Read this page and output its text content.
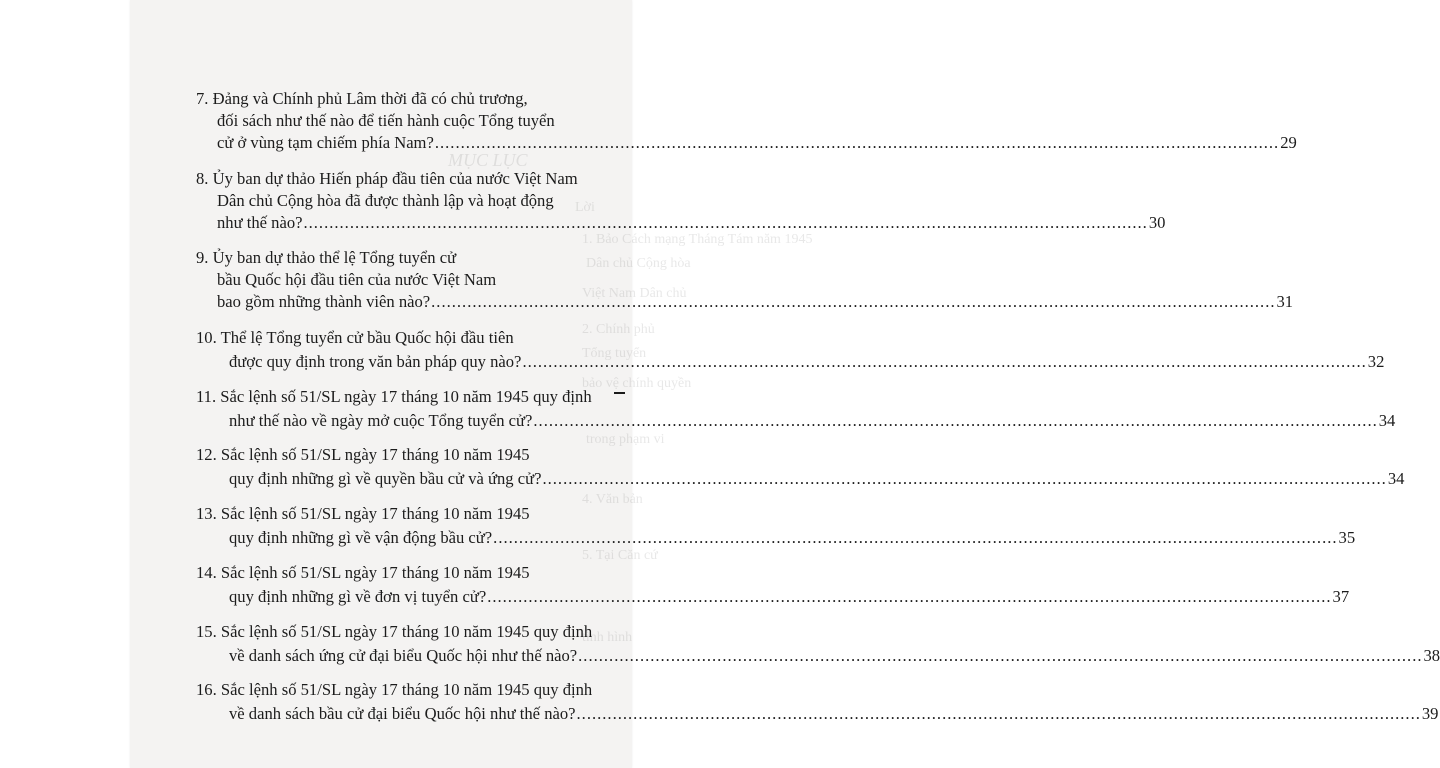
MỤC LỤC
Lời
1. Bảo Cách mạng Tháng Tám năm 1945
Dân chủ Cộng hòa
Việt Nam Dân chủ
2. Chính phủ
Tổng tuyển
bảo vệ chính quyền
trong phạm vi
4. Văn bản
5. Tại Căn cứ
tình hình
7. Đảng và Chính phủ Lâm thời đã có chủ trương,
đối sách như thế nào để tiến hành cuộc Tổng tuyển
cử ở vùng tạm chiếm phía Nam? .....	29
8. Ủy ban dự thảo Hiến pháp đầu tiên của nước Việt Nam
Dân chủ Cộng hòa đã được thành lập và hoạt động
như thế nào? .....	30
9. Ủy ban dự thảo thể lệ Tổng tuyển cử
bầu Quốc hội đầu tiên của nước Việt Nam
bao gồm những thành viên nào? .....	31
10. Thể lệ Tổng tuyển cử bầu Quốc hội đầu tiên
được quy định trong văn bản pháp quy nào? .....	32
11. Sắc lệnh số 51/SL ngày 17 tháng 10 năm 1945 quy định
như thế nào về ngày mở cuộc Tổng tuyển cử? .....	34
12. Sắc lệnh số 51/SL ngày 17 tháng 10 năm 1945
quy định những gì về quyền bầu cử và ứng cử? .....	34
13. Sắc lệnh số 51/SL ngày 17 tháng 10 năm 1945
quy định những gì về vận động bầu cử? .....	35
14. Sắc lệnh số 51/SL ngày 17 tháng 10 năm 1945
quy định những gì về đơn vị tuyển cử? .....	37
15. Sắc lệnh số 51/SL ngày 17 tháng 10 năm 1945 quy định
về danh sách ứng cử đại biểu Quốc hội như thế nào? .....	38
16. Sắc lệnh số 51/SL ngày 17 tháng 10 năm 1945 quy định
về danh sách bầu cử đại biểu Quốc hội như thế nào? .....	39
